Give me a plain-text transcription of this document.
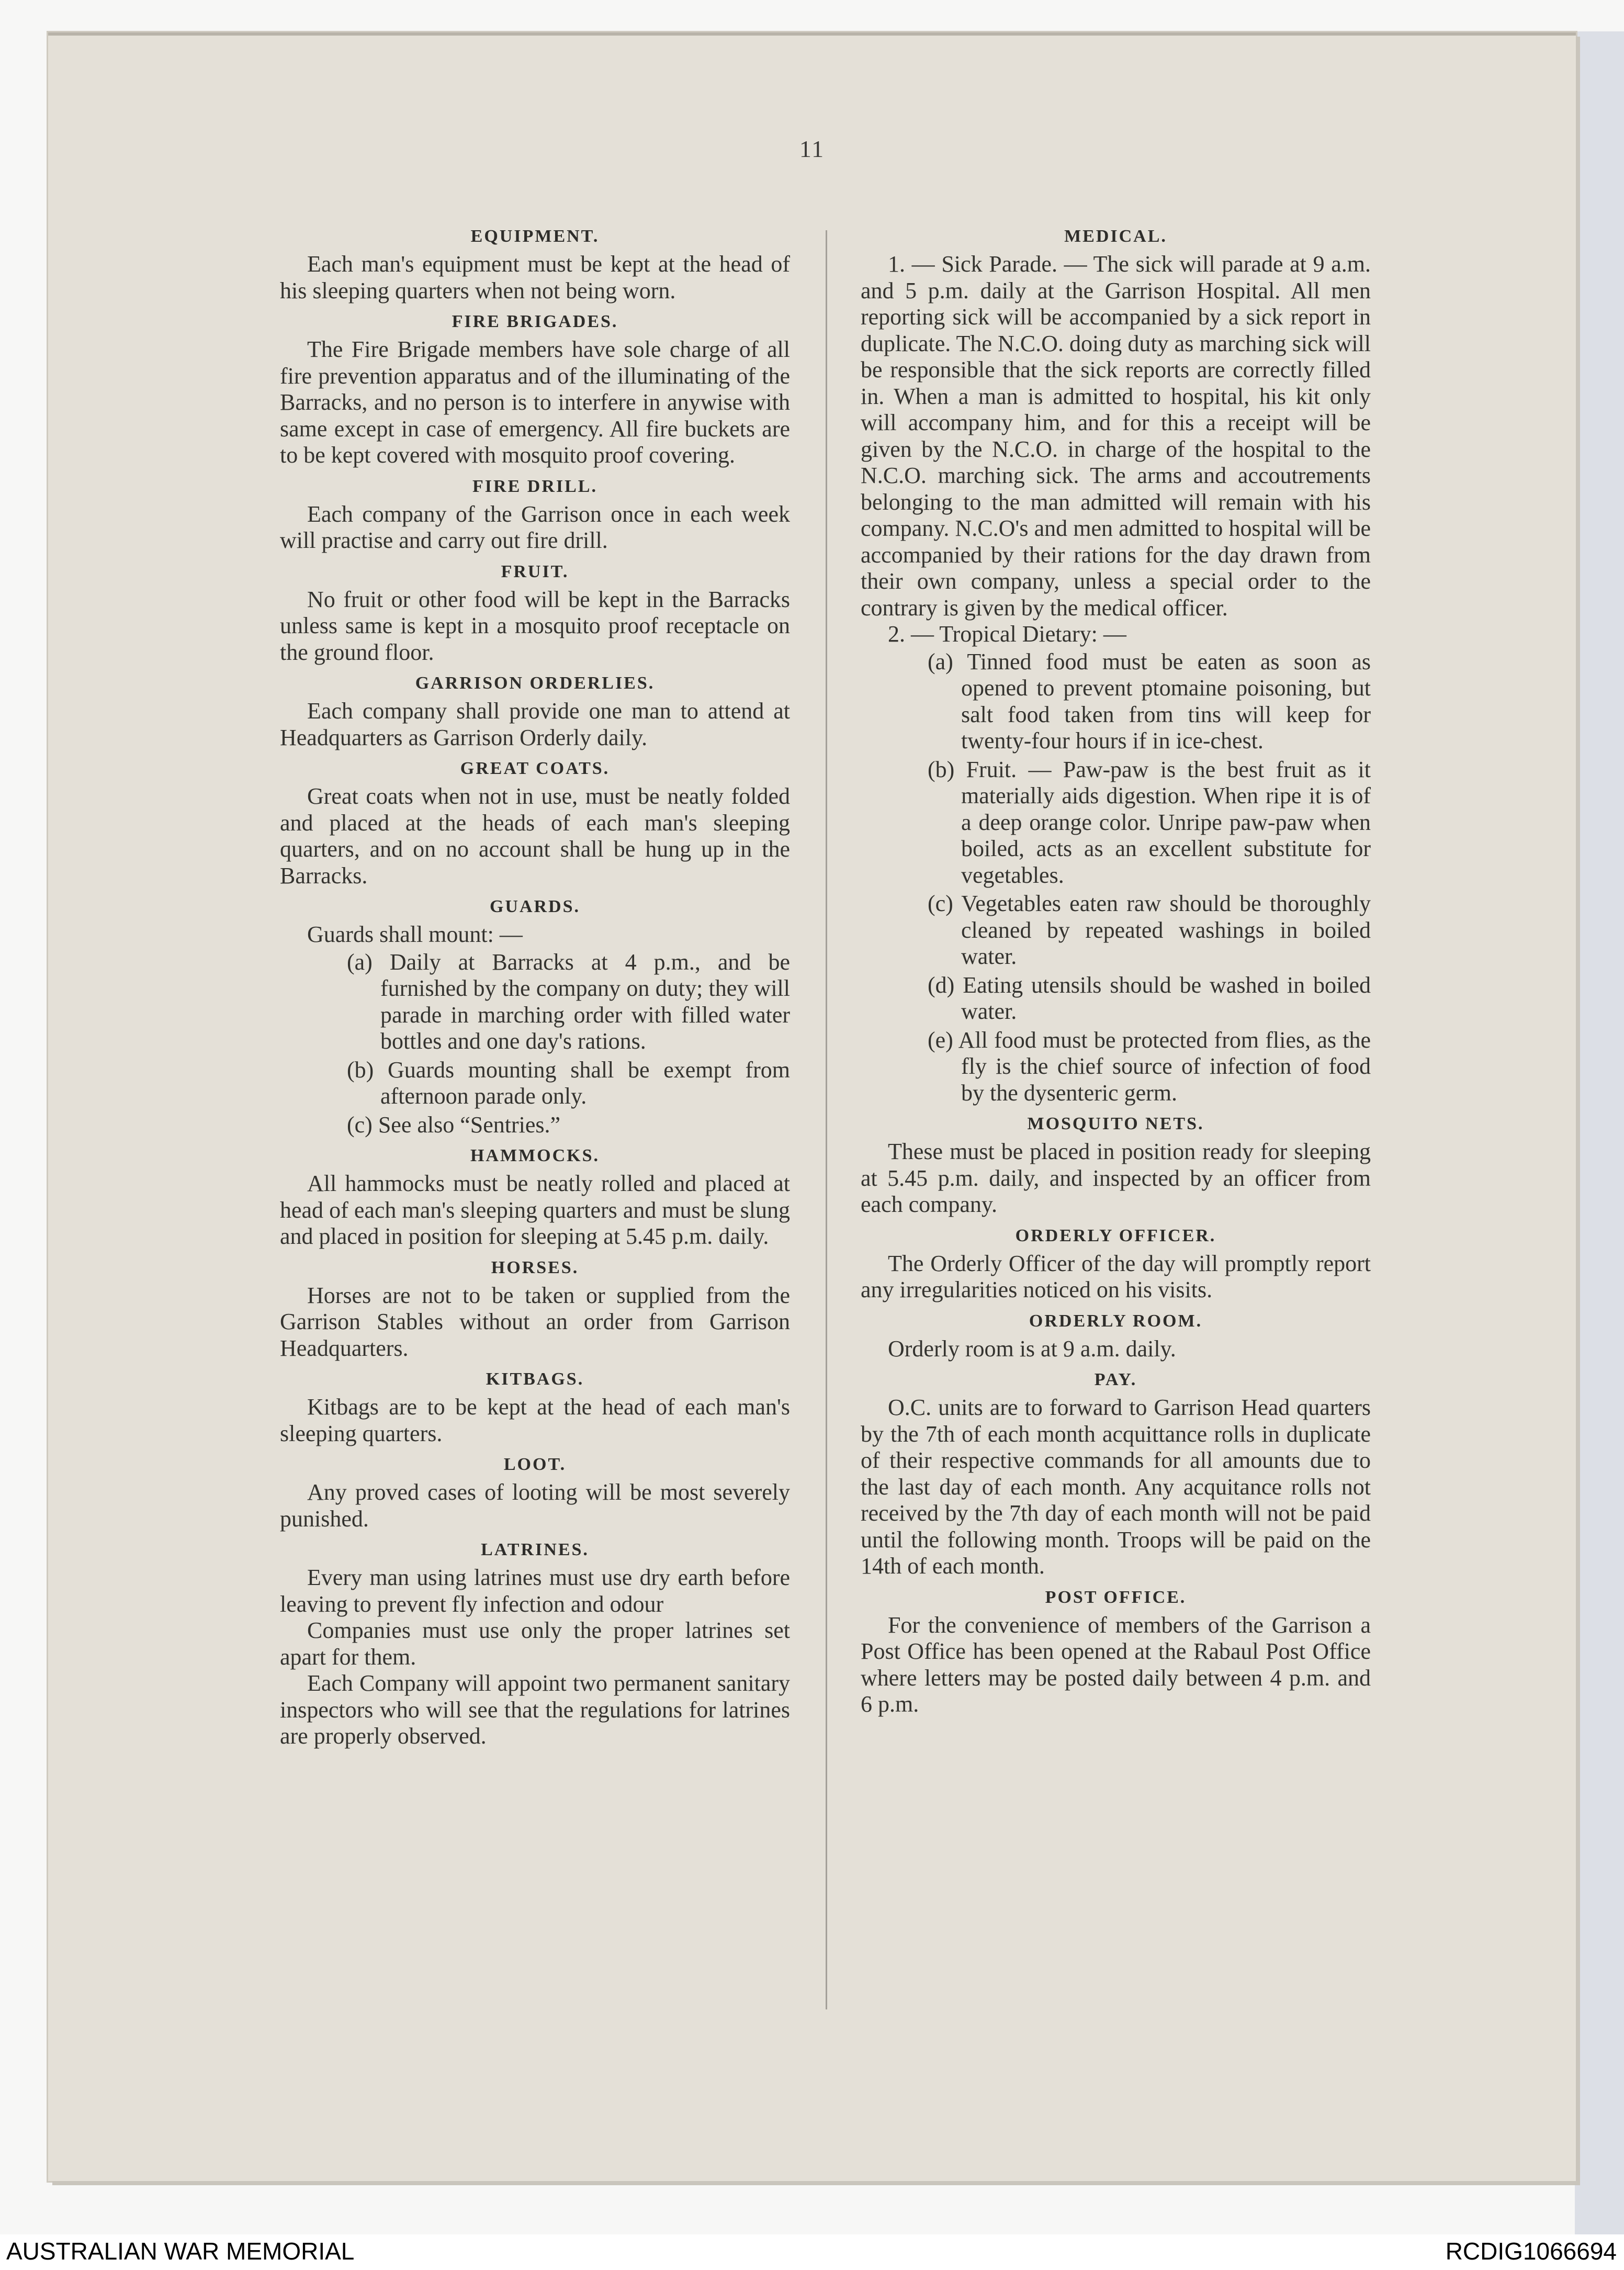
11
EQUIPMENT.

Each man's equipment must be kept at the head of his sleeping quarters when not being worn.

FIRE BRIGADES.

The Fire Brigade members have sole charge of all fire prevention apparatus and of the illuminating of the Barracks, and no person is to interfere in anywise with same except in case of emergency. All fire buckets are to be kept covered with mosquito proof covering.

FIRE DRILL.

Each company of the Garrison once in each week will practise and carry out fire drill.

FRUIT.

No fruit or other food will be kept in the Barracks unless same is kept in a mosquito proof receptacle on the ground floor.

GARRISON ORDERLIES.

Each company shall provide one man to attend at Headquarters as Garrison Orderly daily.

GREAT COATS.

Great coats when not in use, must be neatly folded and placed at the heads of each man's sleeping quarters, and on no account shall be hung up in the Barracks.

GUARDS.

Guards shall mount: —

(a) Daily at Barracks at 4 p.m., and be furnished by the company on duty; they will parade in marching order with filled water bottles and one day's rations.

(b) Guards mounting shall be exempt from afternoon parade only.

(c) See also “Sentries.”

HAMMOCKS.

All hammocks must be neatly rolled and placed at head of each man's sleeping quarters and must be slung and placed in position for sleeping at 5.45 p.m. daily.

HORSES.

Horses are not to be taken or supplied from the Garrison Stables without an order from Garrison Headquarters.

KITBAGS.

Kitbags are to be kept at the head of each man's sleeping quarters.

LOOT.

Any proved cases of looting will be most severely punished.

LATRINES.

Every man using latrines must use dry earth before leaving to prevent fly infection and odour

Companies must use only the proper latrines set apart for them.

Each Company will appoint two permanent sanitary inspectors who will see that the regulations for latrines are properly observed.

MEDICAL.

1. — Sick Parade. — The sick will parade at 9 a.m. and 5 p.m. daily at the Garrison Hospital. All men reporting sick will be accompanied by a sick report in duplicate. The N.C.O. doing duty as marching sick will be responsible that the sick reports are correctly filled in. When a man is admitted to hospital, his kit only will accompany him, and for this a receipt will be given by the N.C.O. in charge of the hospital to the N.C.O. marching sick. The arms and accoutrements belonging to the man admitted will remain with his company. N.C.O's and men admitted to hospital will be accompanied by their rations for the day drawn from their own company, unless a special order to the contrary is given by the medical officer.

2. — Tropical Dietary: —

(a) Tinned food must be eaten as soon as opened to prevent ptomaine poisoning, but salt food taken from tins will keep for twenty-four hours if in ice-chest.

(b) Fruit. — Paw-paw is the best fruit as it materially aids digestion. When ripe it is of a deep orange color. Unripe paw-paw when boiled, acts as an excellent substitute for vegetables.

(c) Vegetables eaten raw should be thoroughly cleaned by repeated washings in boiled water.

(d) Eating utensils should be washed in boiled water.

(e) All food must be protected from flies, as the fly is the chief source of infection of food by the dysenteric germ.

MOSQUITO NETS.

These must be placed in position ready for sleeping at 5.45 p.m. daily, and inspected by an officer from each company.

ORDERLY OFFICER.

The Orderly Officer of the day will promptly report any irregularities noticed on his visits.

ORDERLY ROOM.

Orderly room is at 9 a.m. daily.

PAY.

O.C. units are to forward to Garrison Head quarters by the 7th of each month acquittance rolls in duplicate of their respective commands for all amounts due to the last day of each month. Any acquitance rolls not received by the 7th day of each month will not be paid until the following month. Troops will be paid on the 14th of each month.

POST OFFICE.

For the convenience of members of the Garrison a Post Office has been opened at the Rabaul Post Office where letters may be posted daily between 4 p.m. and 6 p.m.

AUSTRALIAN WAR MEMORIAL	RCDIG1066694
